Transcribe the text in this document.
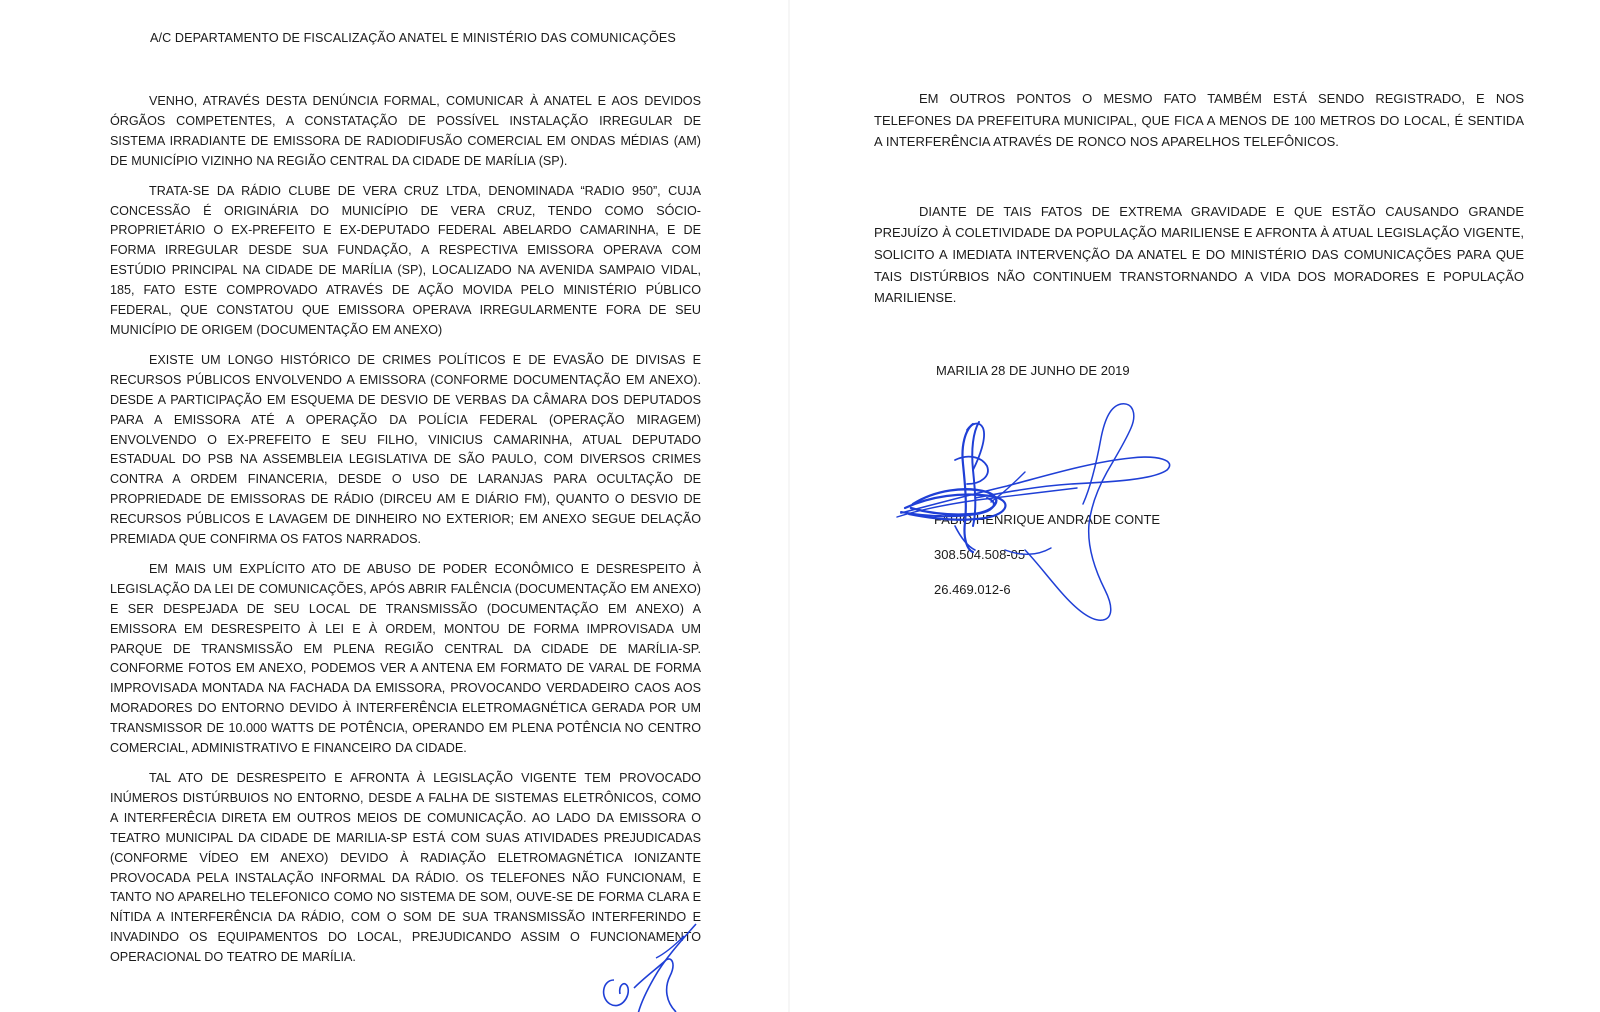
A/C DEPARTAMENTO DE FISCALIZAÇÃO ANATEL E MINISTÉRIO DAS COMUNICAÇÕES

VENHO, ATRAVÉS DESTA DENÚNCIA FORMAL, COMUNICAR À ANATEL E AOS DEVIDOS ÓRGÃOS COMPETENTES, A CONSTATAÇÃO DE POSSÍVEL INSTALAÇÃO IRREGULAR DE SISTEMA IRRADIANTE DE EMISSORA DE RADIODIFUSÃO COMERCIAL EM ONDAS MÉDIAS (AM) DE MUNICÍPIO VIZINHO NA REGIÃO CENTRAL DA CIDADE DE MARÍLIA (SP).

TRATA-SE DA RÁDIO CLUBE DE VERA CRUZ LTDA, DENOMINADA “RADIO 950”, CUJA CONCESSÃO É ORIGINÁRIA DO MUNICÍPIO DE VERA CRUZ, TENDO COMO SÓCIO-PROPRIETÁRIO O EX-PREFEITO E EX-DEPUTADO FEDERAL ABELARDO CAMARINHA, E DE FORMA IRREGULAR DESDE SUA FUNDAÇÃO, A RESPECTIVA EMISSORA OPERAVA COM ESTÚDIO PRINCIPAL NA CIDADE DE MARÍLIA (SP), LOCALIZADO NA AVENIDA SAMPAIO VIDAL, 185, FATO ESTE COMPROVADO ATRAVÉS DE AÇÃO MOVIDA PELO MINISTÉRIO PÚBLICO FEDERAL, QUE CONSTATOU QUE EMISSORA OPERAVA IRREGULARMENTE FORA DE SEU MUNICÍPIO DE ORIGEM (DOCUMENTAÇÃO EM ANEXO)

EXISTE UM LONGO HISTÓRICO DE CRIMES POLÍTICOS E DE EVASÃO DE DIVISAS E RECURSOS PÚBLICOS ENVOLVENDO A EMISSORA (CONFORME DOCUMENTAÇÃO EM ANEXO). DESDE A PARTICIPAÇÃO EM ESQUEMA DE DESVIO DE VERBAS DA CÂMARA DOS DEPUTADOS PARA A EMISSORA ATÉ A OPERAÇÃO DA POLÍCIA FEDERAL (OPERAÇÃO MIRAGEM) ENVOLVENDO O EX-PREFEITO E SEU FILHO, VINICIUS CAMARINHA, ATUAL DEPUTADO ESTADUAL DO PSB NA ASSEMBLEIA LEGISLATIVA DE SÃO PAULO, COM DIVERSOS CRIMES CONTRA A ORDEM FINANCERIA, DESDE O USO DE LARANJAS PARA OCULTAÇÃO DE PROPRIEDADE DE EMISSORAS DE RÁDIO (DIRCEU AM E DIÁRIO FM), QUANTO O DESVIO DE RECURSOS PÚBLICOS E LAVAGEM DE DINHEIRO NO EXTERIOR; EM ANEXO SEGUE DELAÇÃO PREMIADA QUE CONFIRMA OS FATOS NARRADOS.

EM MAIS UM EXPLÍCITO ATO DE ABUSO DE PODER ECONÔMICO E DESRESPEITO À LEGISLAÇÃO DA LEI DE COMUNICAÇÕES, APÓS ABRIR FALÊNCIA (DOCUMENTAÇÃO EM ANEXO) E SER DESPEJADA DE SEU LOCAL DE TRANSMISSÃO (DOCUMENTAÇÃO EM ANEXO) A EMISSORA EM DESRESPEITO À LEI E À ORDEM, MONTOU DE FORMA IMPROVISADA UM PARQUE DE TRANSMISSÃO EM PLENA REGIÃO CENTRAL DA CIDADE DE MARÍLIA-SP. CONFORME FOTOS EM ANEXO, PODEMOS VER A ANTENA EM FORMATO DE VARAL DE FORMA IMPROVISADA MONTADA NA FACHADA DA EMISSORA, PROVOCANDO VERDADEIRO CAOS AOS MORADORES DO ENTORNO DEVIDO À INTERFERÊNCIA ELETROMAGNÉTICA GERADA POR UM TRANSMISSOR DE 10.000 WATTS DE POTÊNCIA, OPERANDO EM PLENA POTÊNCIA NO CENTRO COMERCIAL, ADMINISTRATIVO E FINANCEIRO DA CIDADE.

TAL ATO DE DESRESPEITO E AFRONTA À LEGISLAÇÃO VIGENTE TEM PROVOCADO INÚMEROS DISTÚRBUIOS NO ENTORNO, DESDE A FALHA DE SISTEMAS ELETRÔNICOS, COMO A INTERFERÊCIA DIRETA EM OUTROS MEIOS DE COMUNICAÇÃO. AO LADO DA EMISSORA O TEATRO MUNICIPAL DA CIDADE DE MARILIA-SP ESTÁ COM SUAS ATIVIDADES PREJUDICADAS (CONFORME VÍDEO EM ANEXO) DEVIDO À RADIAÇÃO ELETROMAGNÉTICA IONIZANTE PROVOCADA PELA INSTALAÇÃO INFORMAL DA RÁDIO. OS TELEFONES NÃO FUNCIONAM, E TANTO NO APARELHO TELEFONICO COMO NO SISTEMA DE SOM, OUVE-SE DE FORMA CLARA E NÍTIDA A INTERFERÊNCIA DA RÁDIO, COM O SOM DE SUA TRANSMISSÃO INTERFERINDO E INVADINDO OS EQUIPAMENTOS DO LOCAL, PREJUDICANDO ASSIM O FUNCIONAMENTO OPERACIONAL DO TEATRO DE MARÍLIA.

EM OUTROS PONTOS O MESMO FATO TAMBÉM ESTÁ SENDO REGISTRADO, E NOS TELEFONES DA PREFEITURA MUNICIPAL, QUE FICA A MENOS DE 100 METROS DO LOCAL, É SENTIDA A INTERFERÊNCIA ATRAVÉS DE RONCO NOS APARELHOS TELEFÔNICOS.

DIANTE DE TAIS FATOS DE EXTREMA GRAVIDADE E QUE ESTÃO CAUSANDO GRANDE PREJUÍZO À COLETIVIDADE DA POPULAÇÃO MARILIENSE E AFRONTA À ATUAL LEGISLAÇÃO VIGENTE, SOLICITO A IMEDIATA INTERVENÇÃO DA ANATEL E DO MINISTÉRIO DAS COMUNICAÇÕES PARA QUE TAIS DISTÚRBIOS NÃO CONTINUEM TRANSTORNANDO A VIDA DOS MORADORES E POPULAÇÃO MARILIENSE.

MARILIA 28 DE JUNHO DE 2019
FABIO HENRIQUE ANDRADE CONTE
308.504.508-05
26.469.012-6
